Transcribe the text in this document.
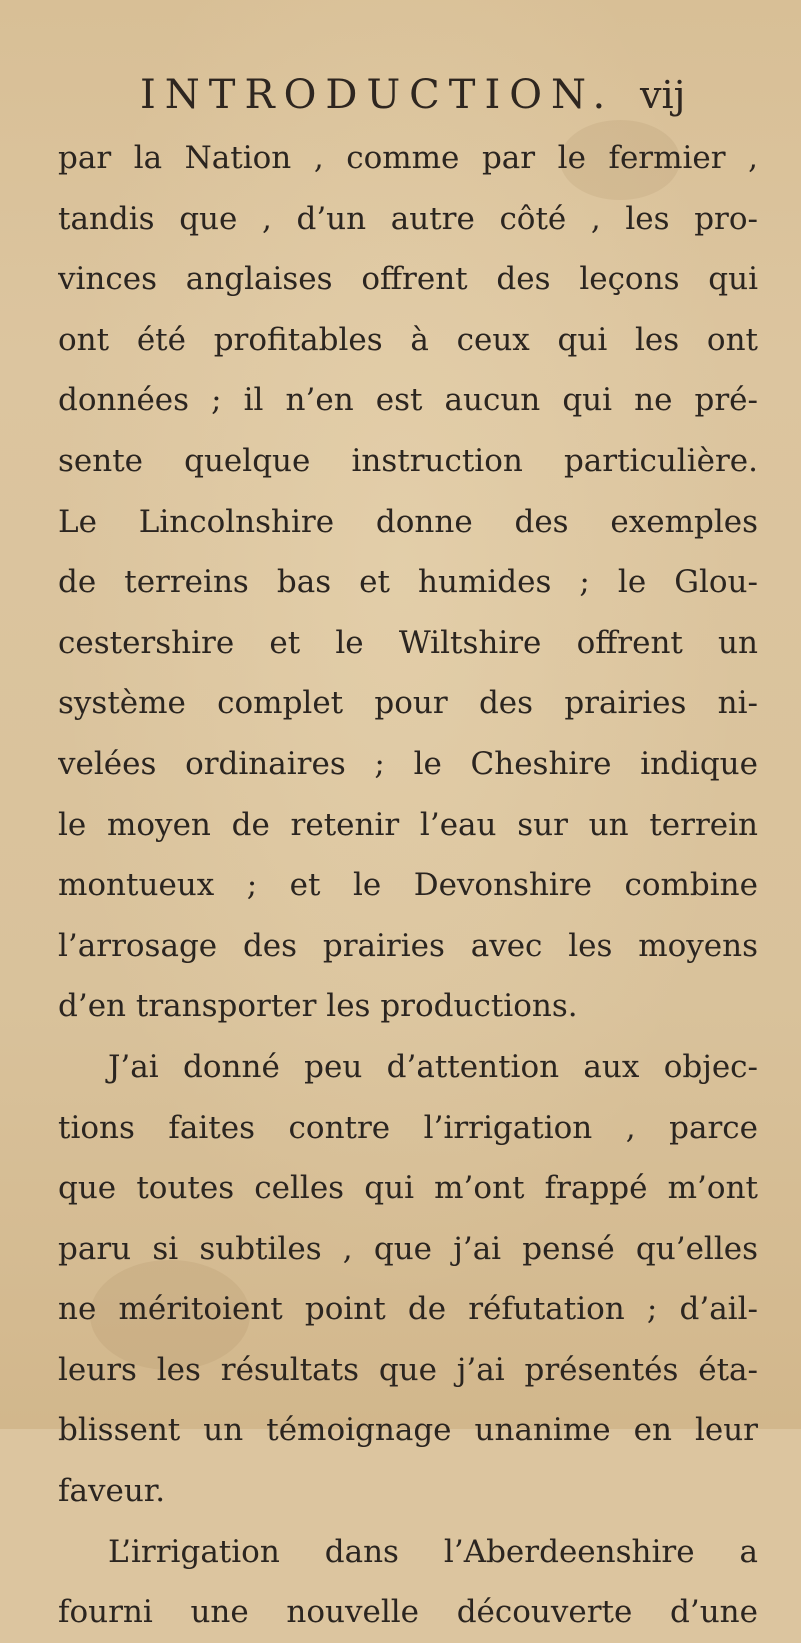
INTRODUCTION. vij
par la Nation , comme par le fermier ,
tandis que , d’un autre côté , les pro-
vinces anglaises offrent des leçons qui
ont été profitables à ceux qui les ont
données ; il n’en est aucun qui ne pré-
sente quelque instruction particulière.
Le Lincolnshire donne des exemples
de terreins bas et humides ; le Glou-
cestershire et le Wiltshire offrent un
système complet pour des prairies ni-
velées ordinaires ; le Cheshire indique
le moyen de retenir l’eau sur un terrein
montueux ; et le Devonshire combine
l’arrosage des prairies avec les moyens
d’en transporter les productions.
J’ai donné peu d’attention aux objec-
tions faites contre l’irrigation , parce
que toutes celles qui m’ont frappé m’ont
paru si subtiles , que j’ai pensé qu’elles
ne méritoient point de réfutation ; d’ail-
leurs les résultats que j’ai présentés éta-
blissent un témoignage unanime en leur
faveur.
L’irrigation dans l’Aberdeenshire a
fourni une nouvelle découverte d’une
